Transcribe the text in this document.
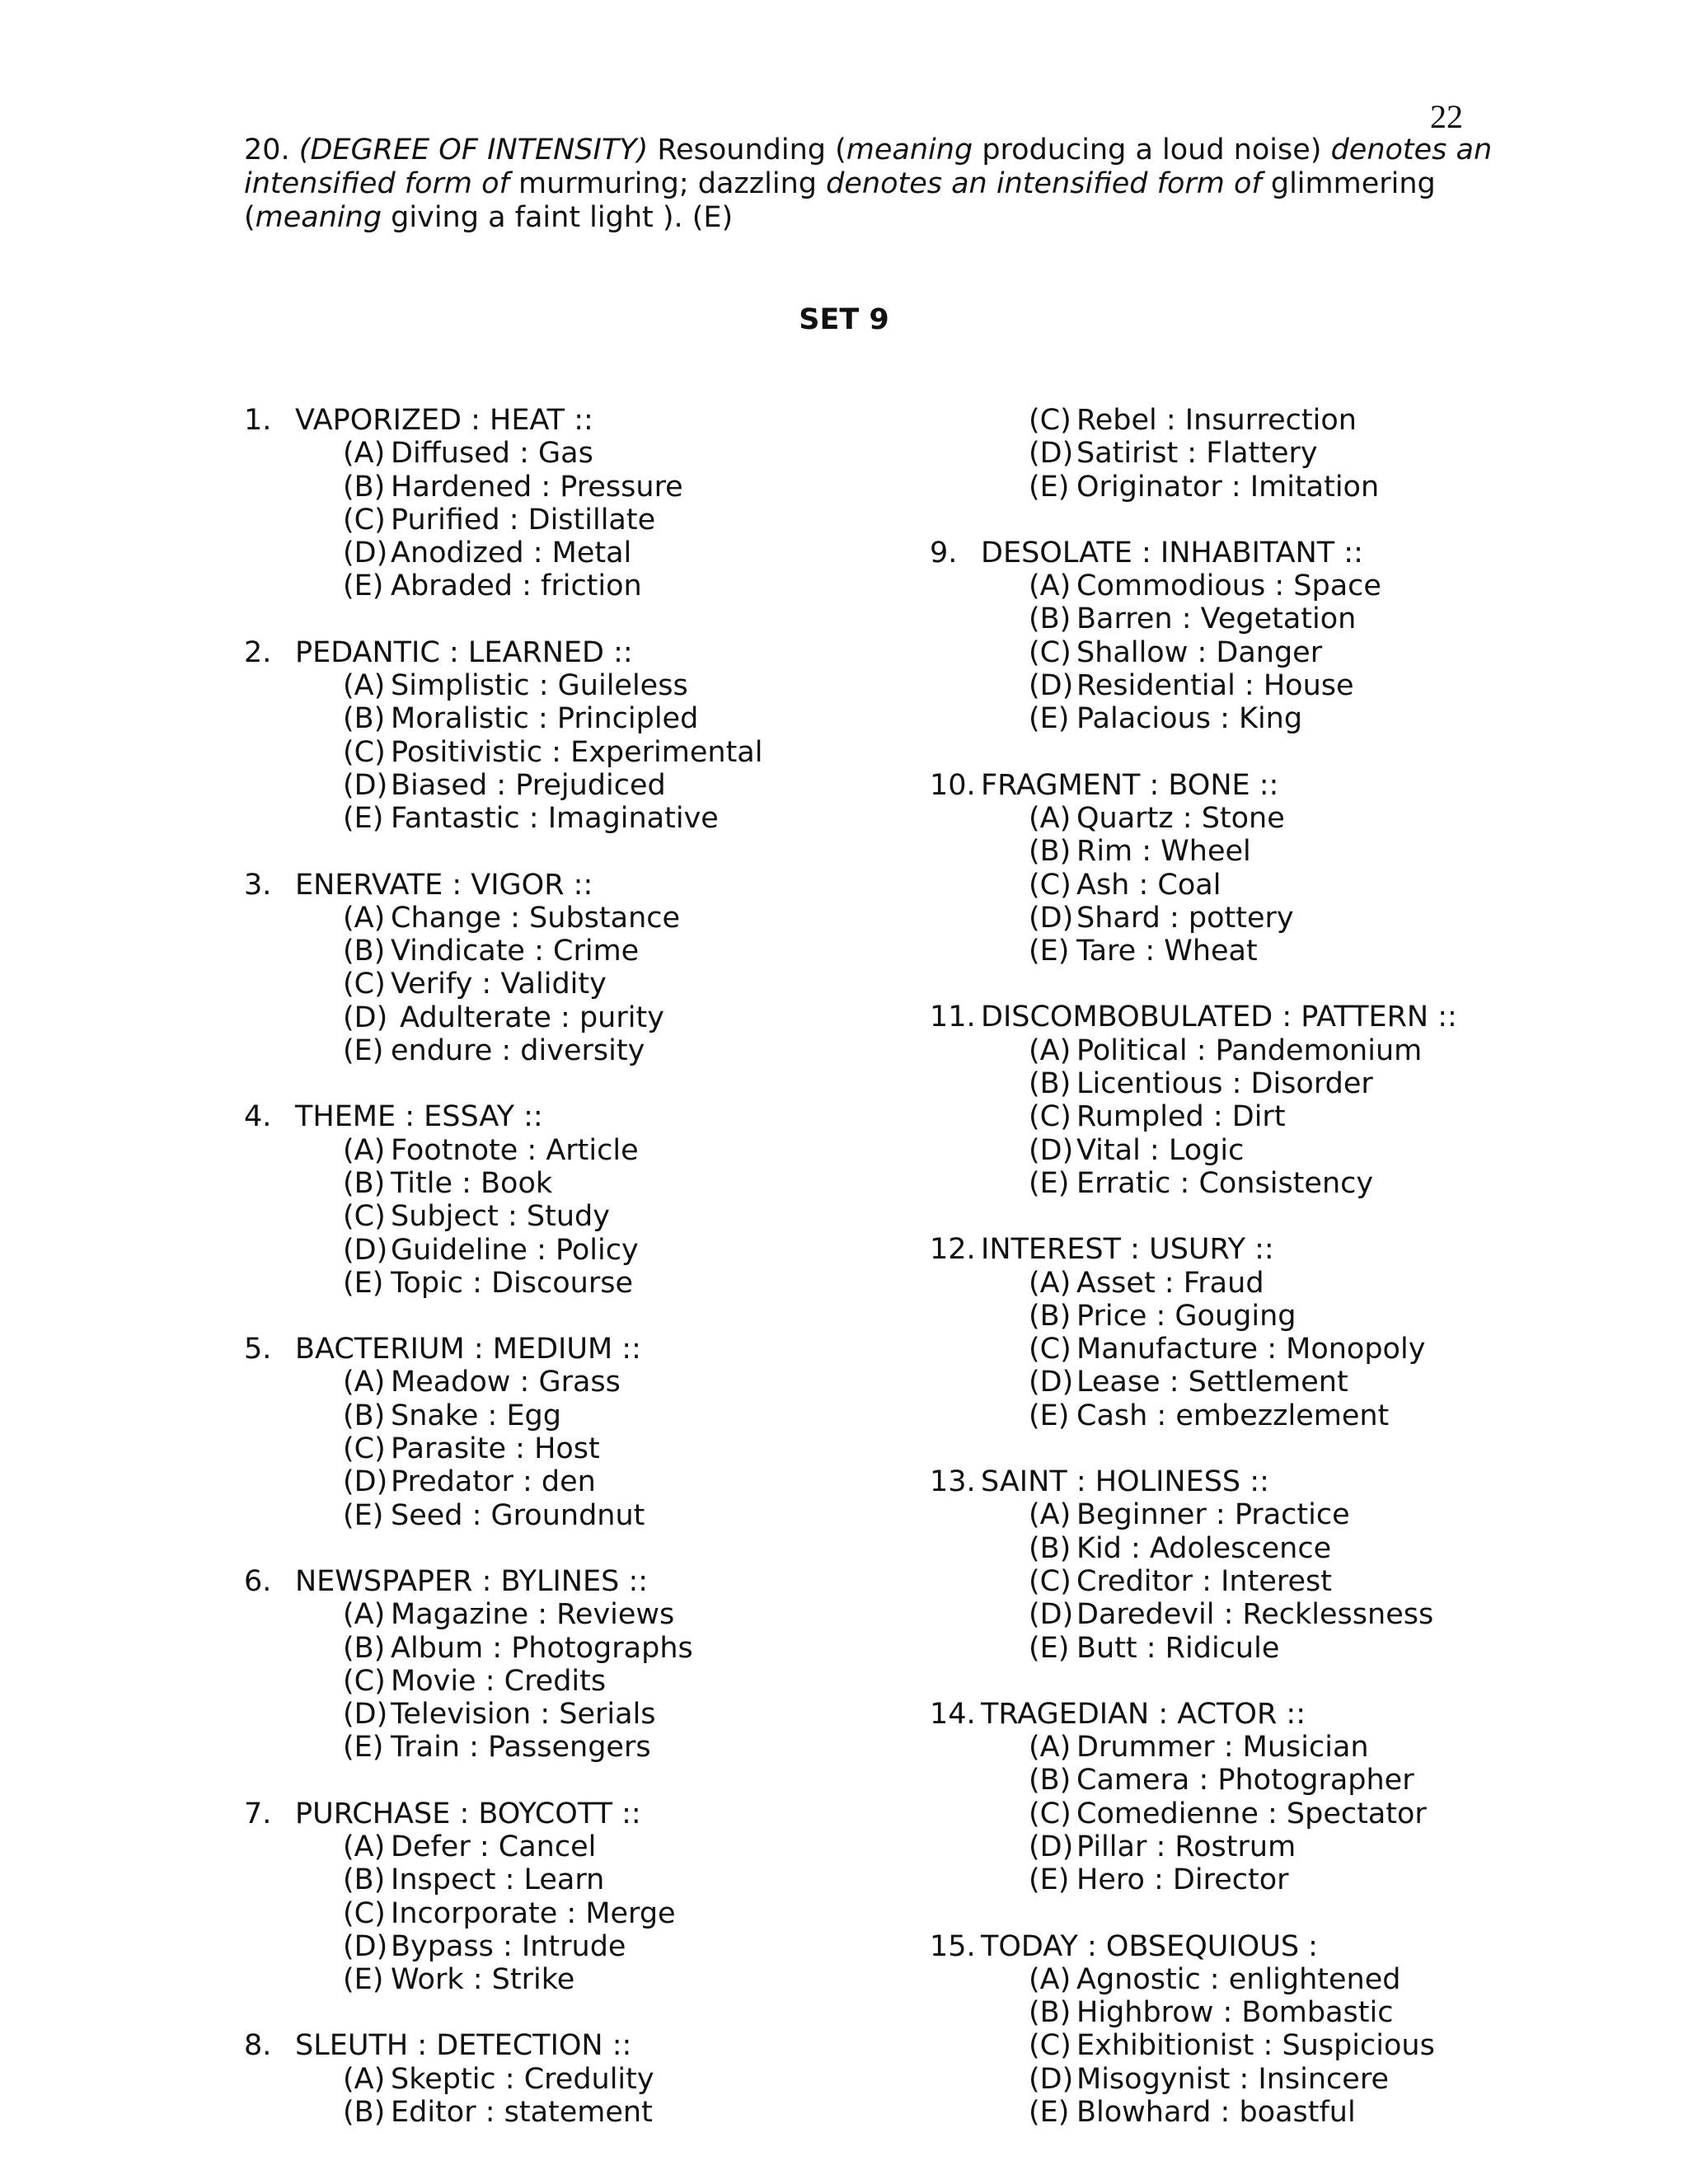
22

20. (DEGREE OF INTENSITY) Resounding (meaning producing a loud noise) denotes an intensified form of murmuring; dazzling denotes an intensified form of glimmering (meaning giving a faint light ). (E)

SET 9
1. VAPORIZED : HEAT ::
(A) Diffused : Gas
(B) Hardened : Pressure
(C) Purified : Distillate
(D) Anodized : Metal
(E) Abraded : friction
2. PEDANTIC : LEARNED ::
(A) Simplistic : Guileless
(B) Moralistic : Principled
(C) Positivistic : Experimental
(D) Biased : Prejudiced
(E) Fantastic : Imaginative
3. ENERVATE : VIGOR ::
(A) Change : Substance
(B) Vindicate : Crime
(C) Verify : Validity
(D) Adulterate : purity
(E) endure : diversity
4. THEME : ESSAY ::
(A) Footnote : Article
(B) Title : Book
(C) Subject : Study
(D) Guideline : Policy
(E) Topic : Discourse
5. BACTERIUM : MEDIUM ::
(A) Meadow : Grass
(B) Snake : Egg
(C) Parasite : Host
(D) Predator : den
(E) Seed : Groundnut
6. NEWSPAPER : BYLINES ::
(A) Magazine : Reviews
(B) Album : Photographs
(C) Movie : Credits
(D) Television : Serials
(E) Train : Passengers
7. PURCHASE : BOYCOTT ::
(A) Defer : Cancel
(B) Inspect : Learn
(C) Incorporate : Merge
(D) Bypass : Intrude
(E) Work : Strike
8. SLEUTH : DETECTION ::
(A) Skeptic : Credulity
(B) Editor : statement
(C) Rebel : Insurrection
(D) Satirist : Flattery
(E) Originator : Imitation
9. DESOLATE : INHABITANT ::
(A) Commodious : Space
(B) Barren : Vegetation
(C) Shallow : Danger
(D) Residential : House
(E) Palacious : King
10. FRAGMENT : BONE ::
(A) Quartz : Stone
(B) Rim : Wheel
(C) Ash : Coal
(D) Shard : pottery
(E) Tare : Wheat
11. DISCOMBOBULATED : PATTERN ::
(A) Political : Pandemonium
(B) Licentious : Disorder
(C) Rumpled : Dirt
(D) Vital : Logic
(E) Erratic : Consistency
12. INTEREST : USURY ::
(A) Asset : Fraud
(B) Price : Gouging
(C) Manufacture : Monopoly
(D) Lease : Settlement
(E) Cash : embezzlement
13. SAINT : HOLINESS ::
(A) Beginner : Practice
(B) Kid : Adolescence
(C) Creditor : Interest
(D) Daredevil : Recklessness
(E) Butt : Ridicule
14. TRAGEDIAN : ACTOR ::
(A) Drummer : Musician
(B) Camera : Photographer
(C) Comedienne : Spectator
(D) Pillar : Rostrum
(E) Hero : Director
15. TODAY : OBSEQUIOUS :
(A) Agnostic : enlightened
(B) Highbrow : Bombastic
(C) Exhibitionist : Suspicious
(D) Misogynist : Insincere
(E) Blowhard : boastful
